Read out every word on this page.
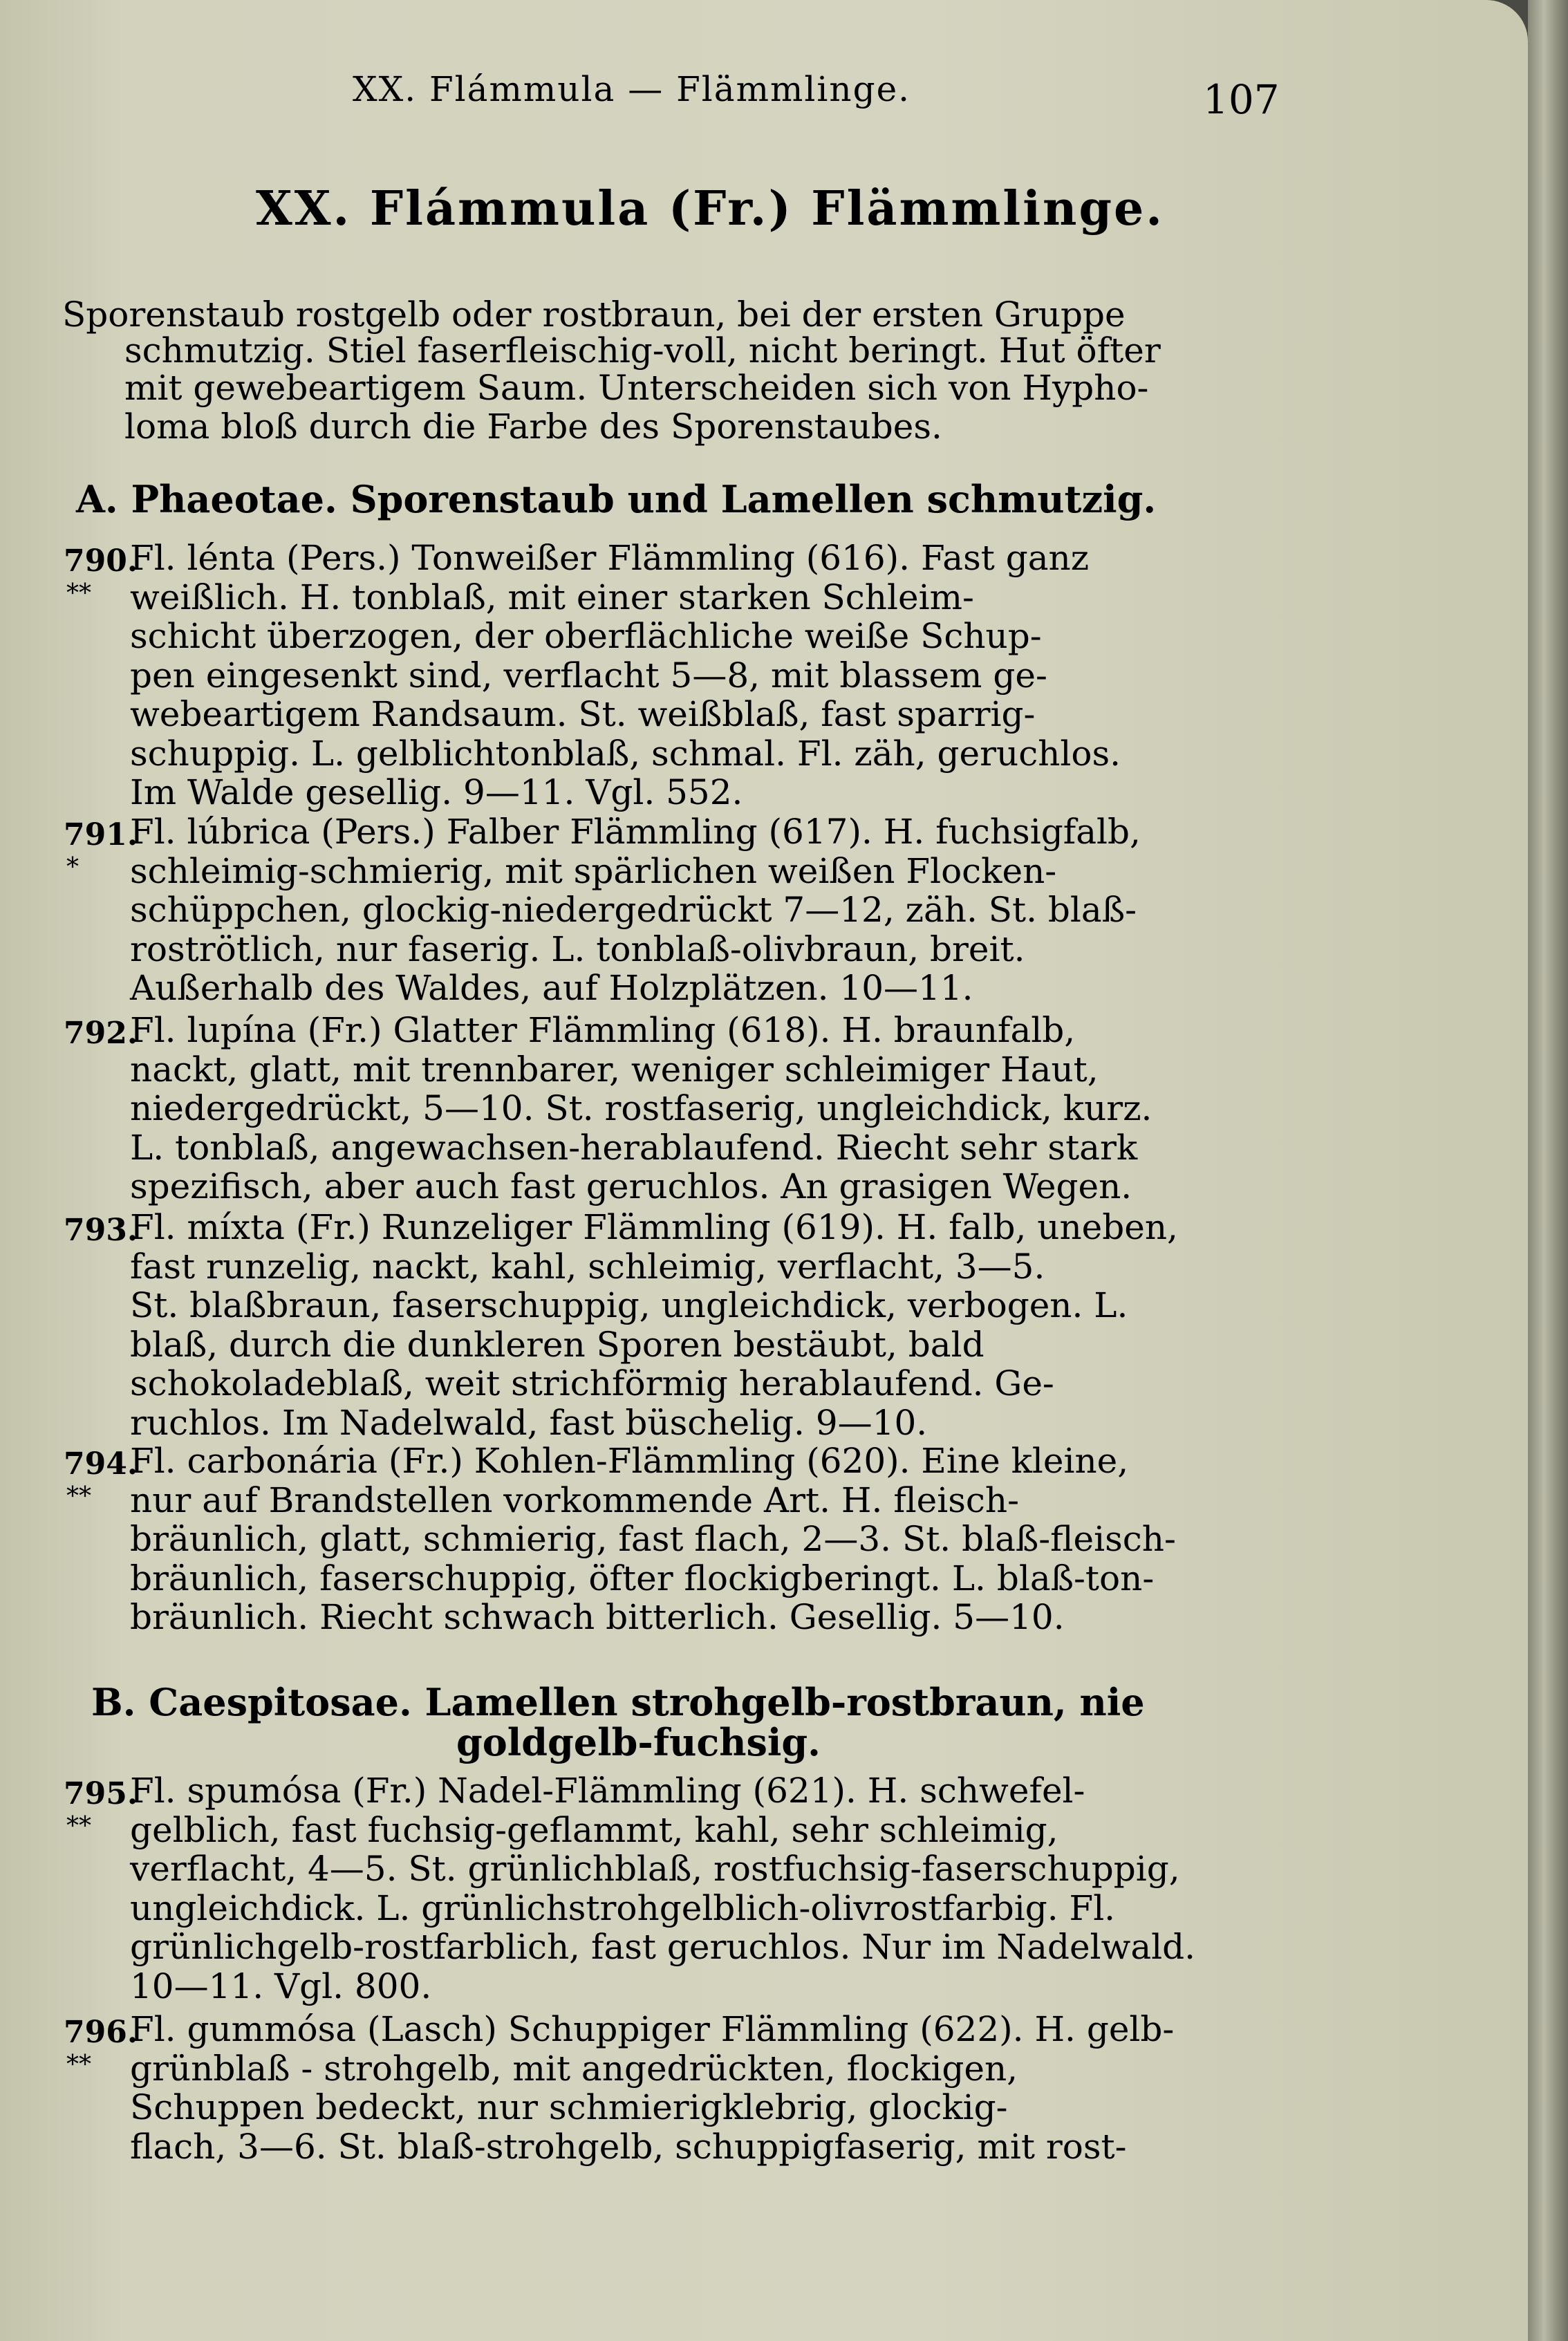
XX. Flámmula — Flämmlinge.	107
XX. Flámmula (Fr.) Flämmlinge.
Sporenstaub rostgelb oder rostbraun, bei der ersten Gruppe
schmutzig. Stiel faserfleischig-voll, nicht beringt. Hut öfter
mit gewebeartigem Saum. Unterscheiden sich von Hypho-
loma bloß durch die Farbe des Sporenstaubes.
A. Phaeotae. Sporenstaub und Lamellen schmutzig.
790.
**
Fl. lénta (Pers.) Tonweißer Flämmling (616). Fast ganz
weißlich. H. tonblaß, mit einer starken Schleim-
schicht überzogen, der oberflächliche weiße Schup-
pen eingesenkt sind, verflacht 5—8, mit blassem ge-
webeartigem Randsaum. St. weißblaß, fast sparrig-
schuppig. L. gelblichtonblaß, schmal. Fl. zäh, geruchlos.
Im Walde gesellig. 9—11. Vgl. 552.
791.
*
Fl. lúbrica (Pers.) Falber Flämmling (617). H. fuchsigfalb,
schleimig-schmierig, mit spärlichen weißen Flocken-
schüppchen, glockig-niedergedrückt 7—12, zäh. St. blaß-
roströtlich, nur faserig. L. tonblaß-olivbraun, breit.
Außerhalb des Waldes, auf Holzplätzen. 10—11.
792.
Fl. lupína (Fr.) Glatter Flämmling (618). H. braunfalb,
nackt, glatt, mit trennbarer, weniger schleimiger Haut,
niedergedrückt, 5—10. St. rostfaserig, ungleichdick, kurz.
L. tonblaß, angewachsen-herablaufend. Riecht sehr stark
spezifisch, aber auch fast geruchlos. An grasigen Wegen.
793.
Fl. míxta (Fr.) Runzeliger Flämmling (619). H. falb, uneben,
fast runzelig, nackt, kahl, schleimig, verflacht, 3—5.
St. blaßbraun, faserschuppig, ungleichdick, verbogen. L.
blaß, durch die dunkleren Sporen bestäubt, bald
schokoladeblaß, weit strichförmig herablaufend. Ge-
ruchlos. Im Nadelwald, fast büschelig. 9—10.
794.
**
Fl. carbonária (Fr.) Kohlen-Flämmling (620). Eine kleine,
nur auf Brandstellen vorkommende Art. H. fleisch-
bräunlich, glatt, schmierig, fast flach, 2—3. St. blaß-fleisch-
bräunlich, faserschuppig, öfter flockigberingt. L. blaß-ton-
bräunlich. Riecht schwach bitterlich. Gesellig. 5—10.
B. Caespitosae. Lamellen strohgelb-rostbraun, nie
goldgelb-fuchsig.
795.
**
Fl. spumósa (Fr.) Nadel-Flämmling (621). H. schwefel-
gelblich, fast fuchsig-geflammt, kahl, sehr schleimig,
verflacht, 4—5. St. grünlichblaß, rostfuchsig-faserschuppig,
ungleichdick. L. grünlichstrohgelblich-olivrostfarbig. Fl.
grünlichgelb-rostfarblich, fast geruchlos. Nur im Nadelwald.
10—11. Vgl. 800.
796.
**
Fl. gummósa (Lasch) Schuppiger Flämmling (622). H. gelb-
grünblaß - strohgelb, mit angedrückten, flockigen,
Schuppen bedeckt, nur schmierigklebrig, glockig-
flach, 3—6. St. blaß-strohgelb, schuppigfaserig, mit rost-
